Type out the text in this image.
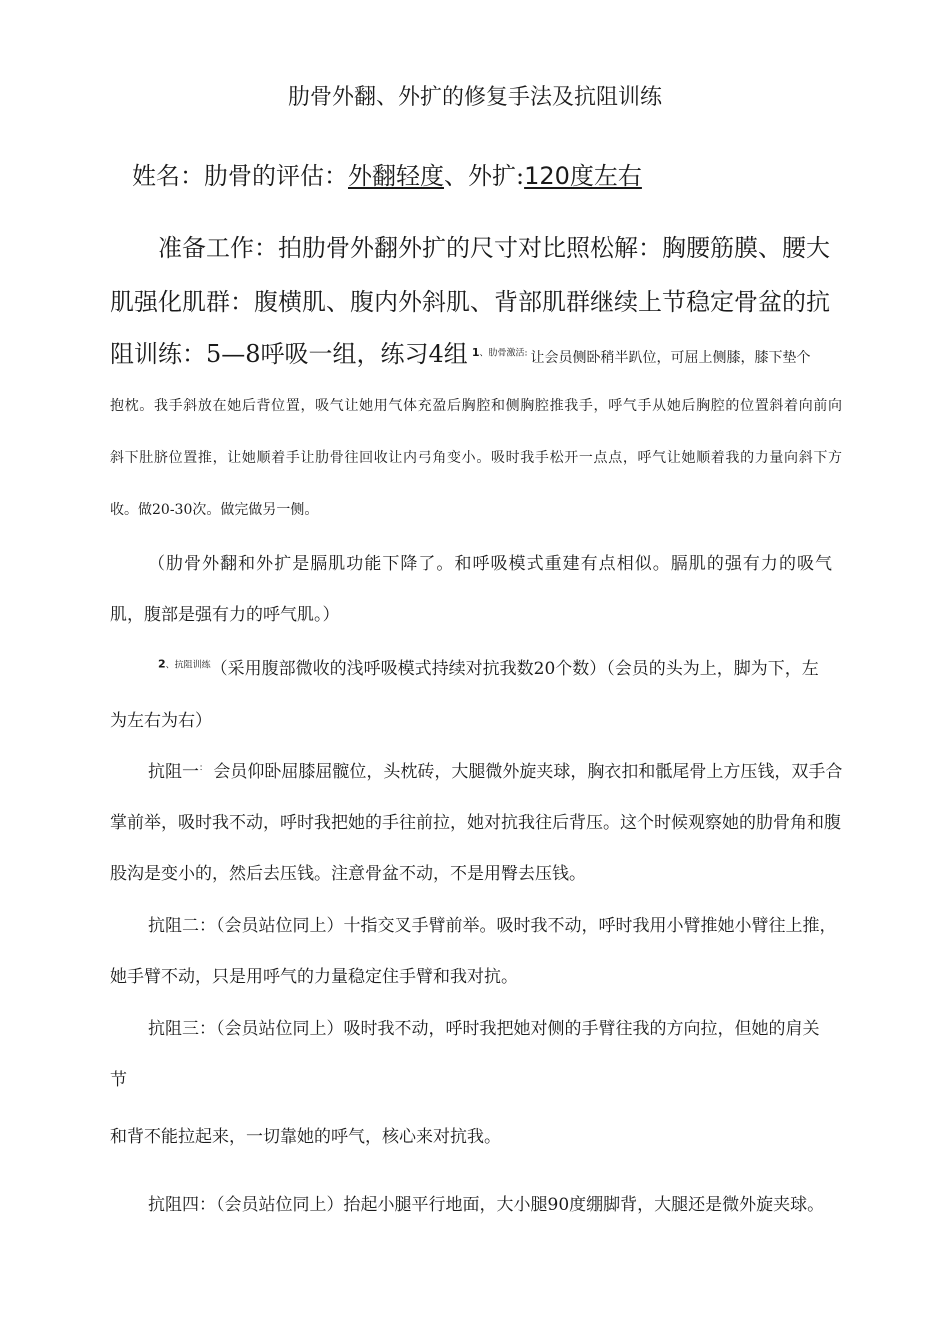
肋骨外翻、外扩的修复手法及抗阻训练
姓名：肋骨的评估：外翻轻度、外扩:120度左右
准备工作：拍肋骨外翻外扩的尺寸对比照松解：胸腰筋膜、腰大
肌强化肌群：腹横肌、腹内外斜肌、背部肌群继续上节稳定骨盆的抗
阻训练：5—8呼吸一组，练习4组 $^{1、肋骨激活:}$ 让会员侧卧稍半趴位，可屈上侧膝，膝下垫个
抱枕。我手斜放在她后背位置，吸气让她用气体充盈后胸腔和侧胸腔推我手，呼气手从她后胸腔的位置斜着向前向
斜下肚脐位置推，让她顺着手让肋骨往回收让内弓角变小。吸时我手松开一点点，呼气让她顺着我的力量向斜下方
收。做20-30次。做完做另一侧。
（肋骨外翻和外扩是膈肌功能下降了。和呼吸模式重建有点相似。膈肌的强有力的吸气
肌，腹部是强有力的呼气肌。）
$^{2、抗阻训练}$（采用腹部微收的浅呼吸模式持续对抗我数20个数）（会员的头为上，脚为下，左
为左右为右）
抗阻一： 会员仰卧屈膝屈髋位，头枕砖，大腿微外旋夹球，胸衣扣和骶尾骨上方压钱，双手合
掌前举，吸时我不动，呼时我把她的手往前拉，她对抗我往后背压。这个时候观察她的肋骨角和腹
股沟是变小的，然后去压钱。注意骨盆不动，不是用臀去压钱。
抗阻二：（会员站位同上）十指交叉手臂前举。吸时我不动，呼时我用小臂推她小臂往上推，
她手臂不动，只是用呼气的力量稳定住手臂和我对抗。
抗阻三：（会员站位同上）吸时我不动，呼时我把她对侧的手臂往我的方向拉，但她的肩关
节
和背不能拉起来，一切靠她的呼气，核心来对抗我。
抗阻四：（会员站位同上）抬起小腿平行地面，大小腿90度绷脚背，大腿还是微外旋夹球。
